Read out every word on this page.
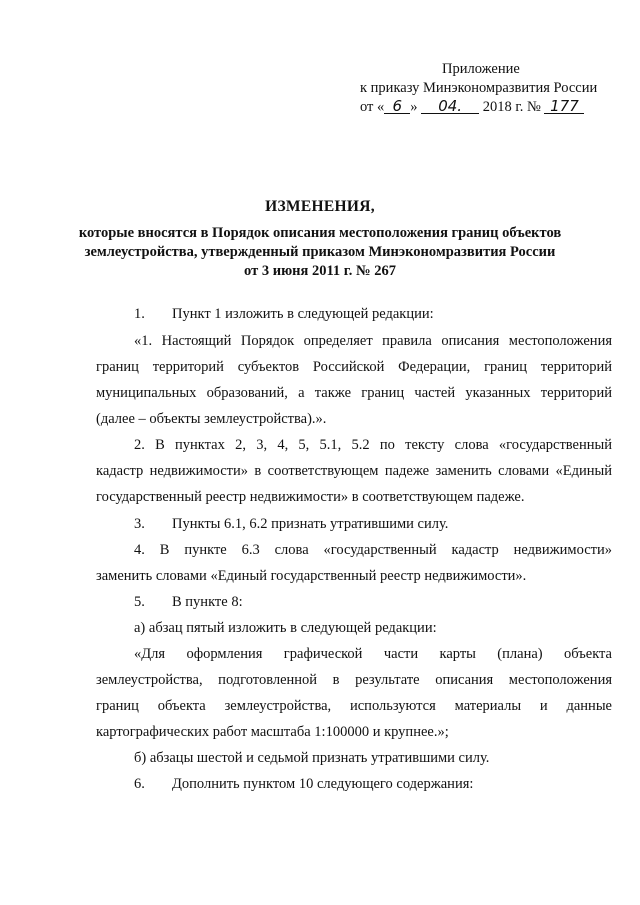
Приложение
к приказу Минэкономразвития России
от « 6 » 04. 2018 г. № 177
ИЗМЕНЕНИЯ,
которые вносятся в Порядок описания местоположения границ объектов
землеустройства, утвержденный приказом Минэкономразвития России
от 3 июня 2011 г. № 267
1. Пункт 1 изложить в следующей редакции:
«1. Настоящий Порядок определяет правила описания местоположения
границ территорий субъектов Российской Федерации, границ территорий
муниципальных образований, а также границ частей указанных территорий
(далее – объекты землеустройства).».
2. В пунктах 2, 3, 4, 5, 5.1, 5.2 по тексту слова «государственный
кадастр недвижимости» в соответствующем падеже заменить словами «Единый
государственный реестр недвижимости» в соответствующем падеже.
3. Пункты 6.1, 6.2 признать утратившими силу.
4. В пункте 6.3 слова «государственный кадастр недвижимости»
заменить словами «Единый государственный реестр недвижимости».
5. В пункте 8:
а) абзац пятый изложить в следующей редакции:
«Для оформления графической части карты (плана) объекта
землеустройства, подготовленной в результате описания местоположения
границ объекта землеустройства, используются материалы и данные
картографических работ масштаба 1:100000 и крупнее.»;
б) абзацы шестой и седьмой признать утратившими силу.
6. Дополнить пунктом 10 следующего содержания:
